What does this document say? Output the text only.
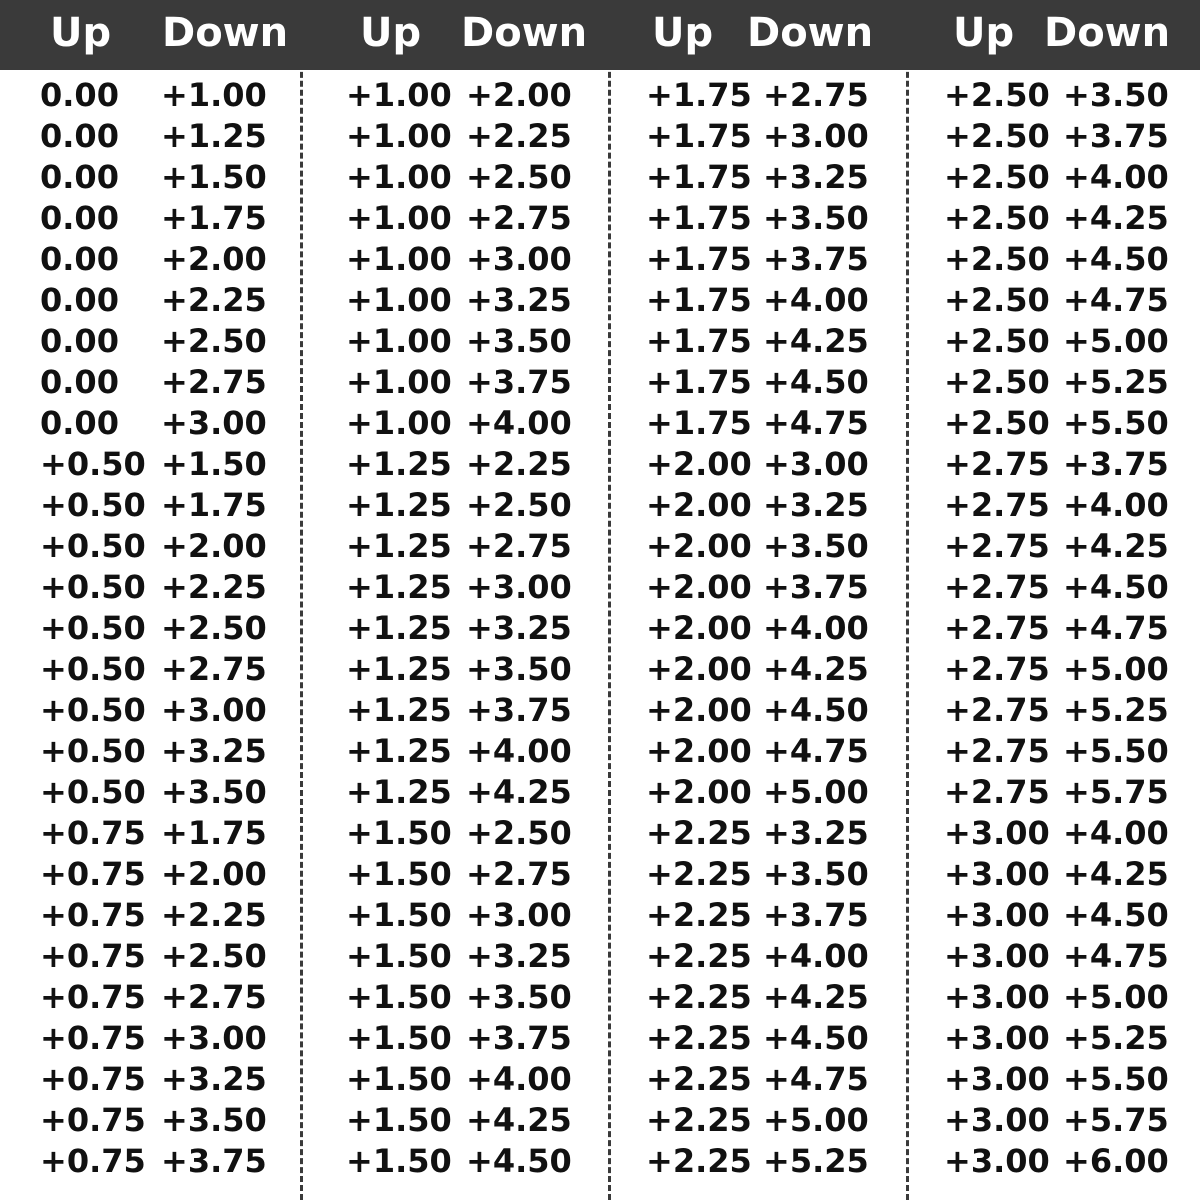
Up Down Up Down Up Down Up Down
0.00
0.00
0.00
0.00
0.00
0.00
0.00
0.00
0.00
+0.50
+0.50
+0.50
+0.50
+0.50
+0.50
+0.50
+0.50
+0.50
+0.75
+0.75
+0.75
+0.75
+0.75
+0.75
+0.75
+0.75
+0.75
+1.00
+1.25
+1.50
+1.75
+2.00
+2.25
+2.50
+2.75
+3.00
+1.50
+1.75
+2.00
+2.25
+2.50
+2.75
+3.00
+3.25
+3.50
+1.75
+2.00
+2.25
+2.50
+2.75
+3.00
+3.25
+3.50
+3.75
+1.00
+1.00
+1.00
+1.00
+1.00
+1.00
+1.00
+1.00
+1.00
+1.25
+1.25
+1.25
+1.25
+1.25
+1.25
+1.25
+1.25
+1.25
+1.50
+1.50
+1.50
+1.50
+1.50
+1.50
+1.50
+1.50
+1.50
+2.00
+2.25
+2.50
+2.75
+3.00
+3.25
+3.50
+3.75
+4.00
+2.25
+2.50
+2.75
+3.00
+3.25
+3.50
+3.75
+4.00
+4.25
+2.50
+2.75
+3.00
+3.25
+3.50
+3.75
+4.00
+4.25
+4.50
+1.75
+1.75
+1.75
+1.75
+1.75
+1.75
+1.75
+1.75
+1.75
+2.00
+2.00
+2.00
+2.00
+2.00
+2.00
+2.00
+2.00
+2.00
+2.25
+2.25
+2.25
+2.25
+2.25
+2.25
+2.25
+2.25
+2.25
+2.75
+3.00
+3.25
+3.50
+3.75
+4.00
+4.25
+4.50
+4.75
+3.00
+3.25
+3.50
+3.75
+4.00
+4.25
+4.50
+4.75
+5.00
+3.25
+3.50
+3.75
+4.00
+4.25
+4.50
+4.75
+5.00
+5.25
+2.50
+2.50
+2.50
+2.50
+2.50
+2.50
+2.50
+2.50
+2.50
+2.75
+2.75
+2.75
+2.75
+2.75
+2.75
+2.75
+2.75
+2.75
+3.00
+3.00
+3.00
+3.00
+3.00
+3.00
+3.00
+3.00
+3.00
+3.50
+3.75
+4.00
+4.25
+4.50
+4.75
+5.00
+5.25
+5.50
+3.75
+4.00
+4.25
+4.50
+4.75
+5.00
+5.25
+5.50
+5.75
+4.00
+4.25
+4.50
+4.75
+5.00
+5.25
+5.50
+5.75
+6.00
